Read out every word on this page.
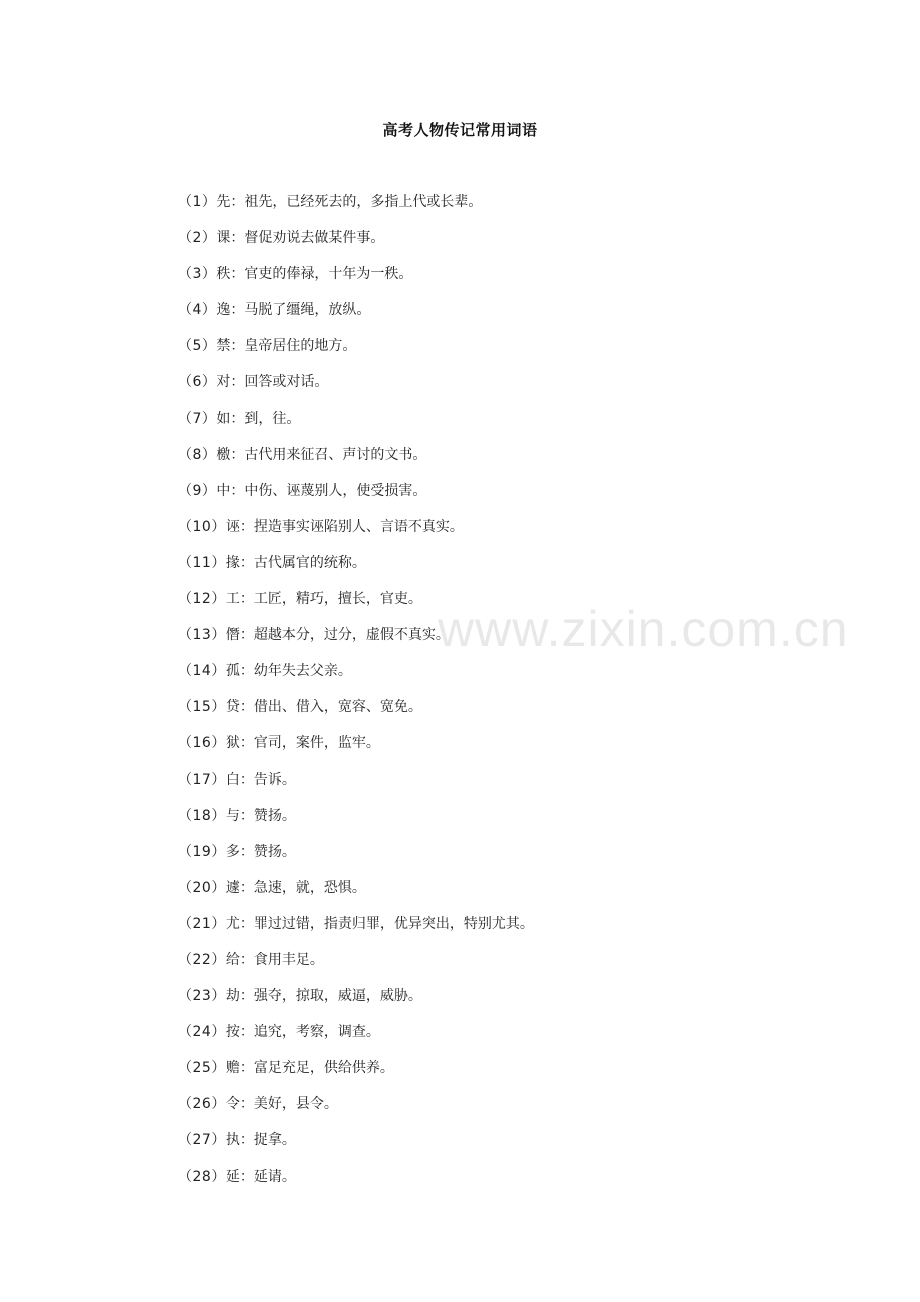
高考人物传记常用词语
（1）先：祖先，已经死去的，多指上代或长辈。
（2）课：督促劝说去做某件事。
（3）秩：官吏的俸禄，十年为一秩。
（4）逸：马脱了缰绳，放纵。
（5）禁：皇帝居住的地方。
（6）对：回答或对话。
（7）如：到，往。
（8）檄：古代用来征召、声讨的文书。
（9）中：中伤、诬蔑别人，使受损害。
（10）诬：捏造事实诬陷别人、言语不真实。
（11）掾：古代属官的统称。
（12）工：工匠，精巧，擅长，官吏。
（13）僭：超越本分，过分，虚假不真实。
（14）孤：幼年失去父亲。
（15）贷：借出、借入，宽容、宽免。
（16）狱：官司，案件，监牢。
（17）白：告诉。
（18）与：赞扬。
（19）多：赞扬。
（20）遽：急速，就，恐惧。
（21）尤：罪过过错，指责归罪，优异突出，特别尤其。
（22）给：食用丰足。
（23）劫：强夺，掠取，威逼，威胁。
（24）按：追究，考察，调查。
（25）赡：富足充足，供给供养。
（26）令：美好，县令。
（27）执：捉拿。
（28）延：延请。
www.zixin.com.cn
